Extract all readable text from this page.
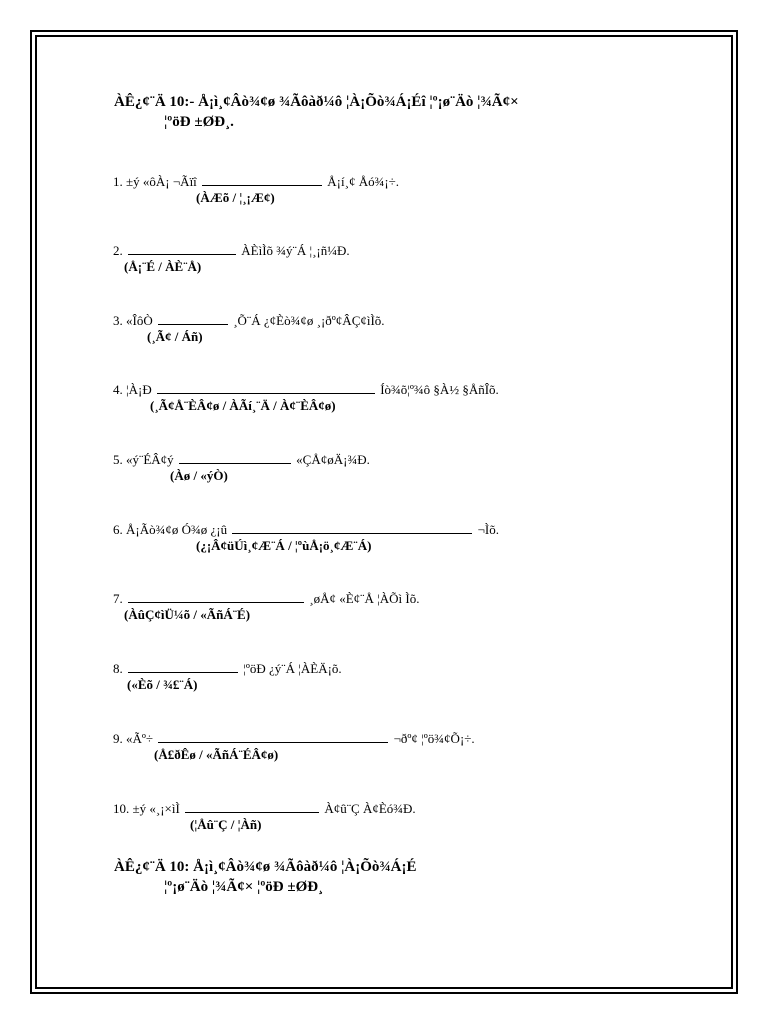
ÀÊ¿¢¨Ä 10:- Å¡ì¸¢Âò¾¢ø ¾Ãôàð¼ô ¦À¡Õò¾Á¡Éî ¦º¡ø¨Äò ¦¾Ã¢×
¦ºöÐ ±ØÐ¸.
1. ±ý «ôÀ¡ ¬Ãïî	Å¡í¸¢ Åó¾¡÷.
(ÀÆõ / ¦¸¡Æ¢)
2.	ÀÈìÌõ ¾ý¨Á ¦¸¡ñ¼Ð.
(Å¡¨É / ÀÈ¨Å)
3. «ÎôÒ	¸Õ¨Á ¿¢Èò¾¢ø ¸¡ðº¢ÂÇ¢ìÌõ.
(¸Ã¢ / Áñ)
4. ¦À¡Ð	Íò¾õ¦º¾ô §À½ §ÅñÎõ.
(¸Ã¢Å¨ÈÂ¢ø / ÀÃí¸¨Ä / À¢¨ÈÂ¢ø)
5. «ý¨ÉÂ¢ý	«ÇÅ¢øÄ¡¾Ð.
(Àø / «ýÒ)
6. Å¡Ãò¾¢ø Ó¾ø ¿¡û	¬Ìõ.
(¿¡Â¢üÚì¸¢Æ¨Á / ¦ºùÅ¡ö¸¢Æ¨Á)
7.	¸øÅ¢ «È¢¨Å ¦ÀÕì Ìõ.
(ÀûÇ¢ìÜ¼õ / «ÃñÁ¨É)
8.	¦ºöÐ ¿ý¨Á ¦ÀÈÄ¡õ.
(«Èõ / ¾£¨Á)
9. «Ãº÷	¬ðº¢ ¦ºö¾¢Õ¡÷.
(Å£ðÊø / «ÃñÁ¨ÉÂ¢ø)
10. ±ý «¸¡×ìÌ	À¢û¨Ç À¢Èó¾Ð.
(¦Åû¨Ç / ¦Àñ)
ÀÊ¿¢¨Ä 10: Å¡ì¸¢Âò¾¢ø ¾Ãôàð¼ô ¦À¡Õò¾Á¡É
¦º¡ø¨Äò ¦¾Ã¢× ¦ºöÐ ±ØÐ¸
